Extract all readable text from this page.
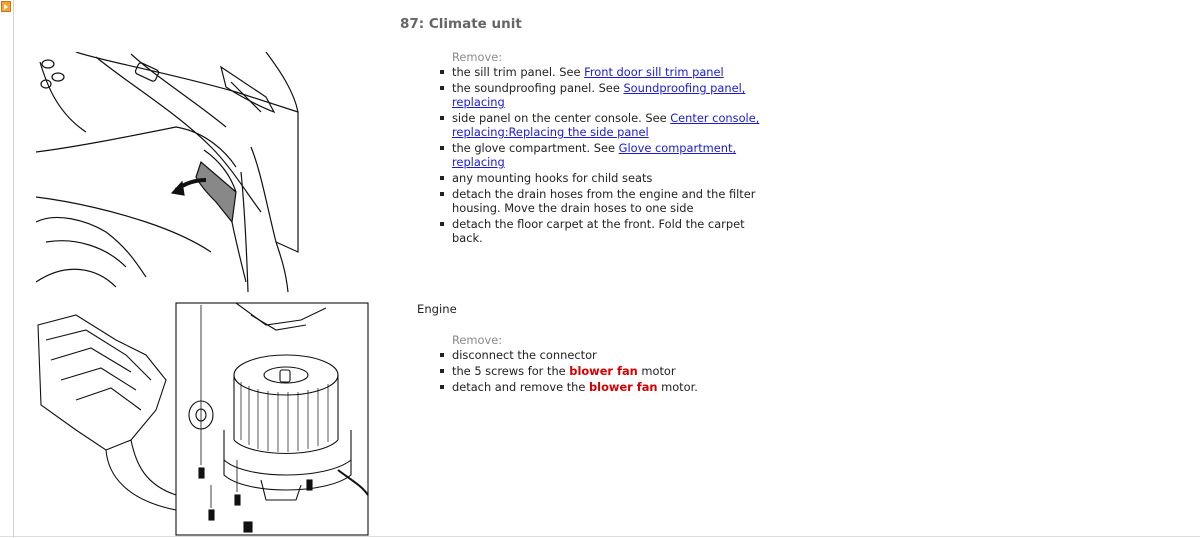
87: Climate unit
Remove:
the sill trim panel. See Front door sill trim panel
the soundproofing panel. See Soundproofing panel, replacing
side panel on the center console. See Center console, replacing:Replacing the side panel
the glove compartment. See Glove compartment, replacing
any mounting hooks for child seats
detach the drain hoses from the engine and the filter housing. Move the drain hoses to one side
detach the floor carpet at the front. Fold the carpet back.
Engine
Remove:
disconnect the connector
the 5 screws for the blower fan motor
detach and remove the blower fan motor.
